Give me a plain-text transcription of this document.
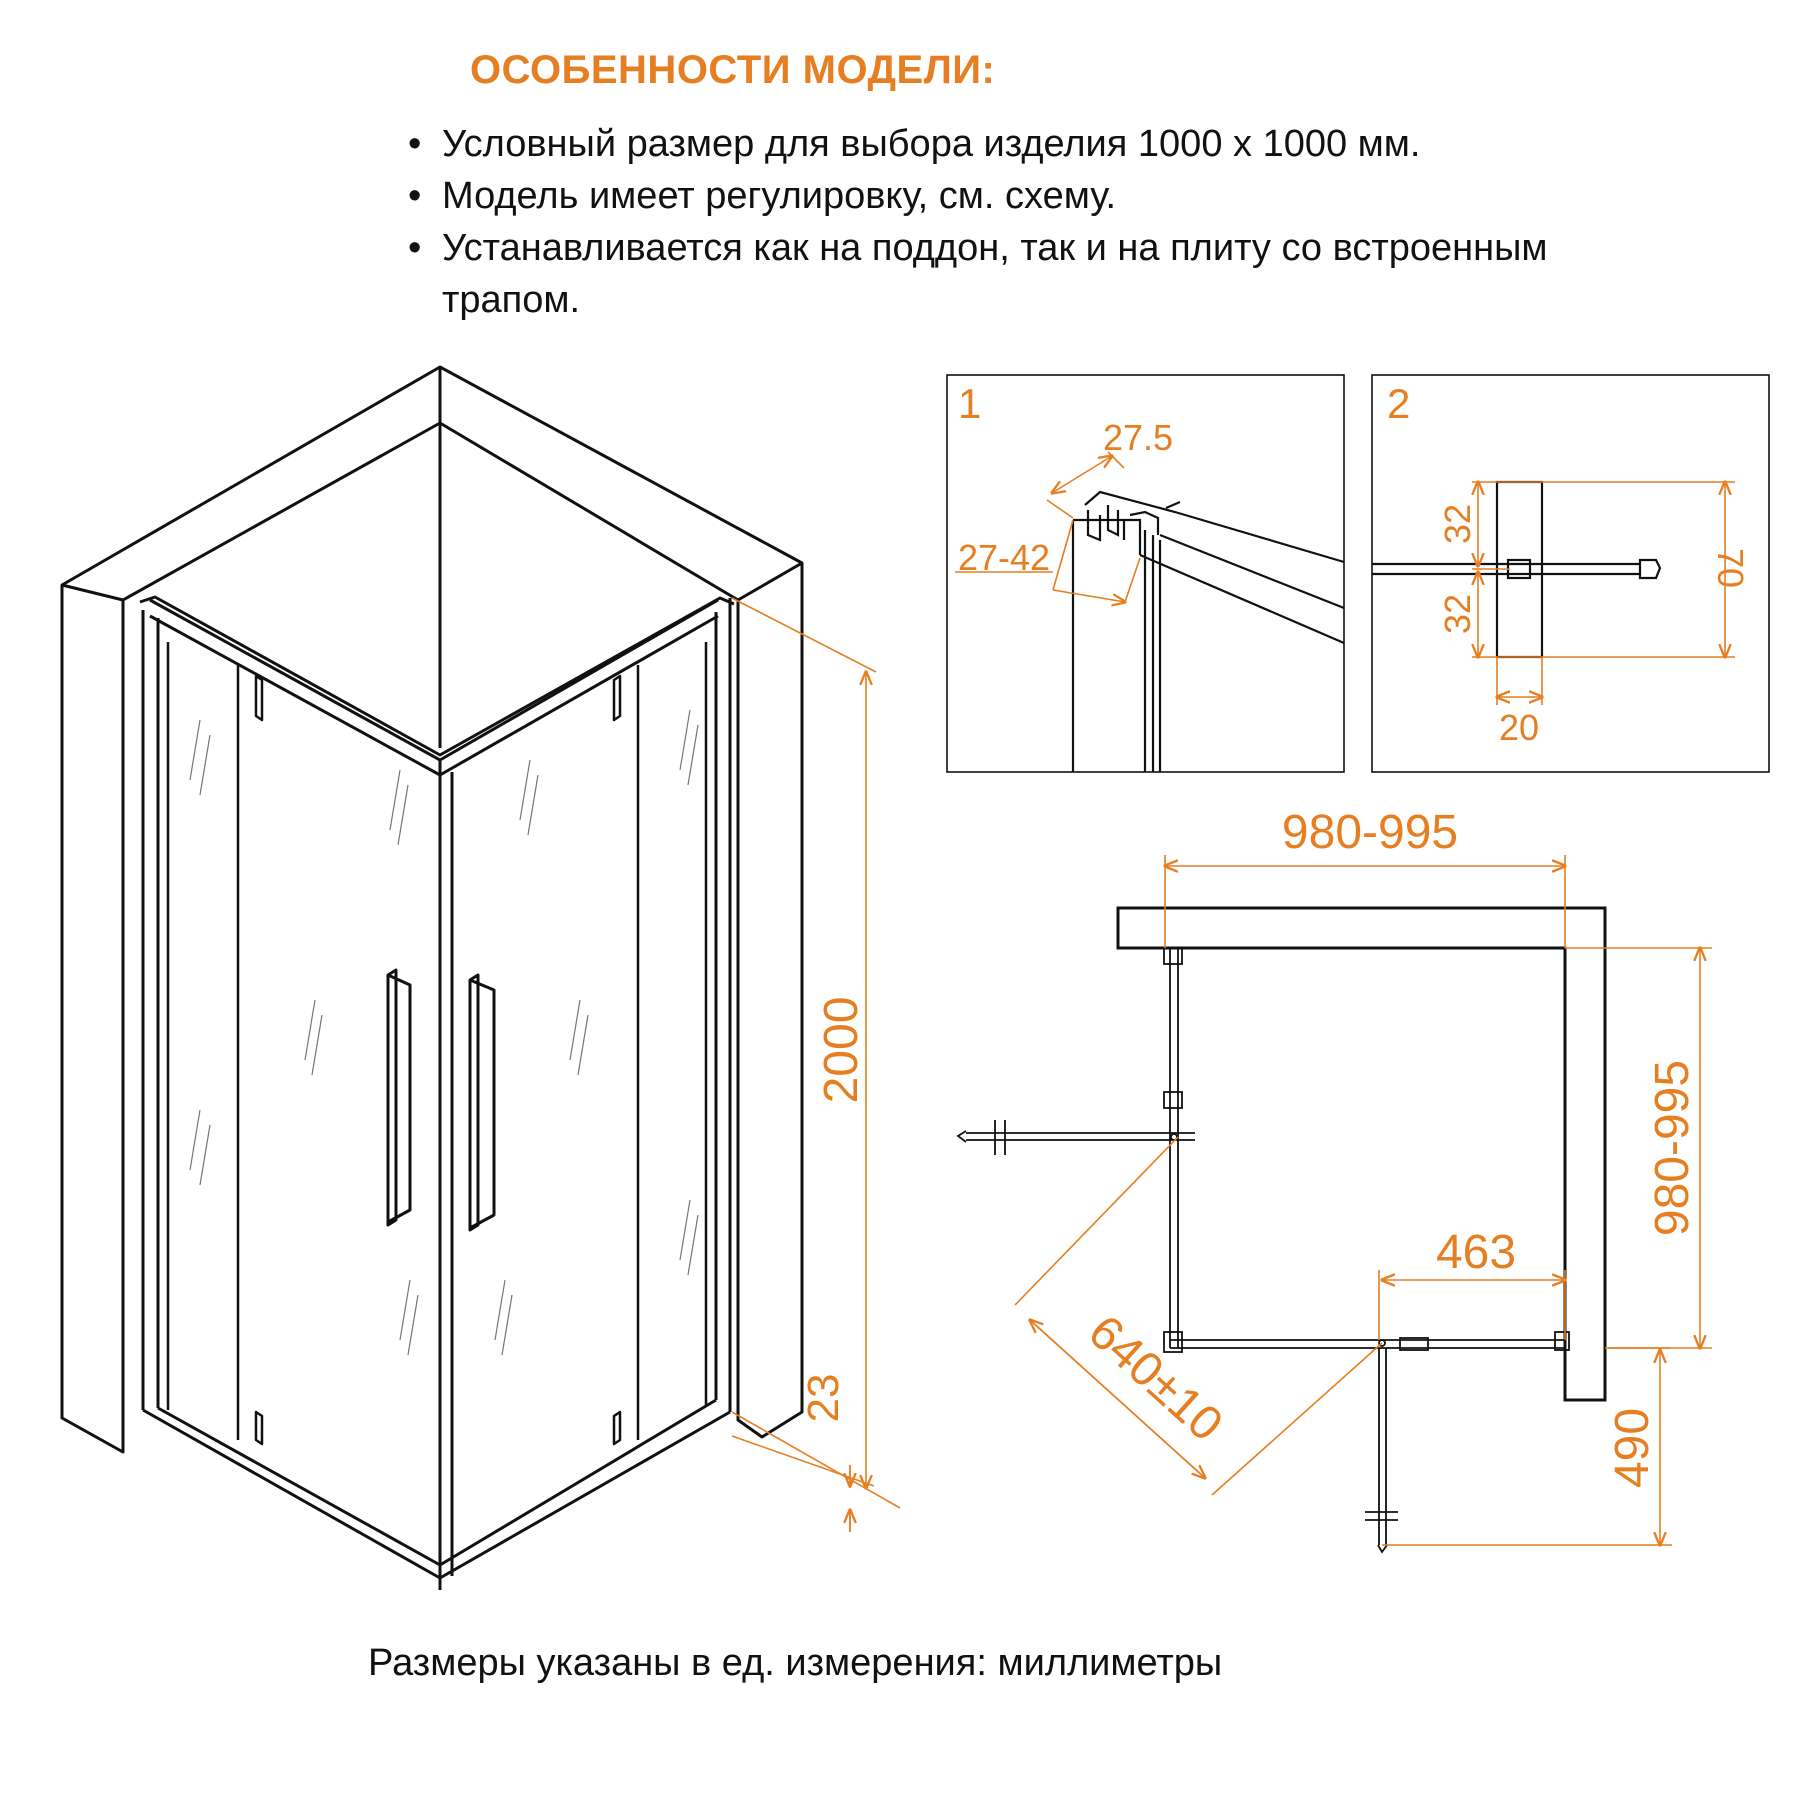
ОСОБЕННОСТИ МОДЕЛИ:
• Условный размер для выбора изделия 1000 х 1000 мм.
• Модель имеет регулировку, см. схему.
• Устанавливается как на поддон, так и на плиту со встроенным трапом.
2000
23
1
27.5
27-42
2
32
32
70
20
980-995
980-995
463
490
640±10
Размеры указаны в ед. измерения: миллиметры
